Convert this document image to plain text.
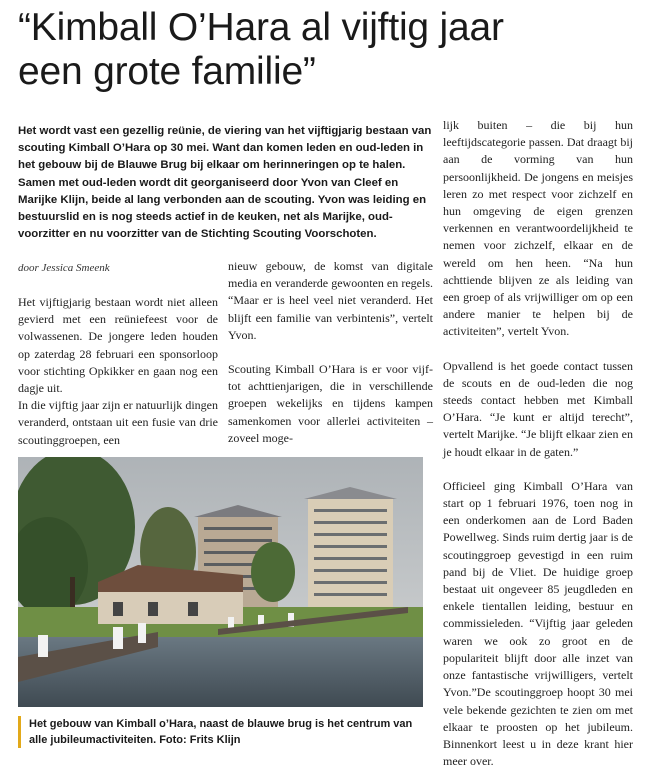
“Kimball O’Hara al vijftig jaar
een grote familie”

Het wordt vast een gezellig reünie, de viering van het vijftigjarig bestaan van scouting Kimball O’Hara op 30 mei. Want dan komen leden en oud-leden in het gebouw bij de Blauwe Brug bij elkaar om herinneringen op te halen. Samen met oud-leden wordt dit georganiseerd door Yvon van Cleef en Marijke Klijn, beide al lang verbonden aan de scouting. Yvon was leiding en bestuurslid en is nog steeds actief in de keuken, net als Marijke, oud-voorzitter en nu voorzitter van de Stichting Scouting Voorschoten.

door Jessica Smeenk

Het vijftigjarig bestaan wordt niet alleen gevierd met een reüniefeest voor de volwassenen. De jongere leden houden op zaterdag 28 februari een sponsorloop voor stichting Opkikker en gaan nog een dagje uit.

In die vijftig jaar zijn er natuurlijk dingen veranderd, ontstaan uit een fusie van drie scoutinggroepen, een

nieuw gebouw, de komst van digitale media en veranderde gewoonten en regels. “Maar er is heel veel niet veranderd. Het blijft een familie van verbintenis”, vertelt Yvon.

Scouting Kimball O’Hara is er voor vijf- tot achttienjarigen, die in verschillende groepen wekelijks en tijdens kampen samenkomen voor allerlei activiteiten – zoveel moge-

lijk buiten – die bij hun leeftijdscategorie passen. Dat draagt bij aan de vorming van hun persoonlijkheid. De jongens en meisjes leren zo met respect voor zichzelf en hun omgeving de eigen grenzen verkennen en verantwoordelijkheid te nemen voor zichzelf, elkaar en de wereld om hen heen. “Na hun achttiende blijven ze als leiding van een groep of als vrijwilliger om op een andere manier te helpen bij de activiteiten”, vertelt Yvon.

Opvallend is het goede contact tussen de scouts en de oud-leden die nog steeds contact hebben met Kimball O’Hara. “Je kunt er altijd terecht”, vertelt Marijke. “Je blijft elkaar zien en je houdt elkaar in de gaten.”

Officieel ging Kimball O’Hara van start op 1 februari 1976, toen nog in een onderkomen aan de Lord Baden Powellweg. Sinds ruim dertig jaar is de scoutinggroep gevestigd in een ruim pand bij de Vliet. De huidige groep bestaat uit ongeveer 85 jeugdleden en enkele tientallen leiding, bestuur en commissieleden. “Vijftig jaar geleden waren we ook zo groot en de populariteit blijft door alle inzet van onze fantastische vrijwilligers, vertelt Yvon.”De scoutinggroep hoopt 30 mei vele bekende gezichten te zien om met elkaar te proosten op het jubileum. Binnenkort leest u in deze krant hier meer over.

Het gebouw van Kimball o’Hara, naast de blauwe brug is het centrum van alle jubileumactiviteiten. Foto: Frits Klijn
